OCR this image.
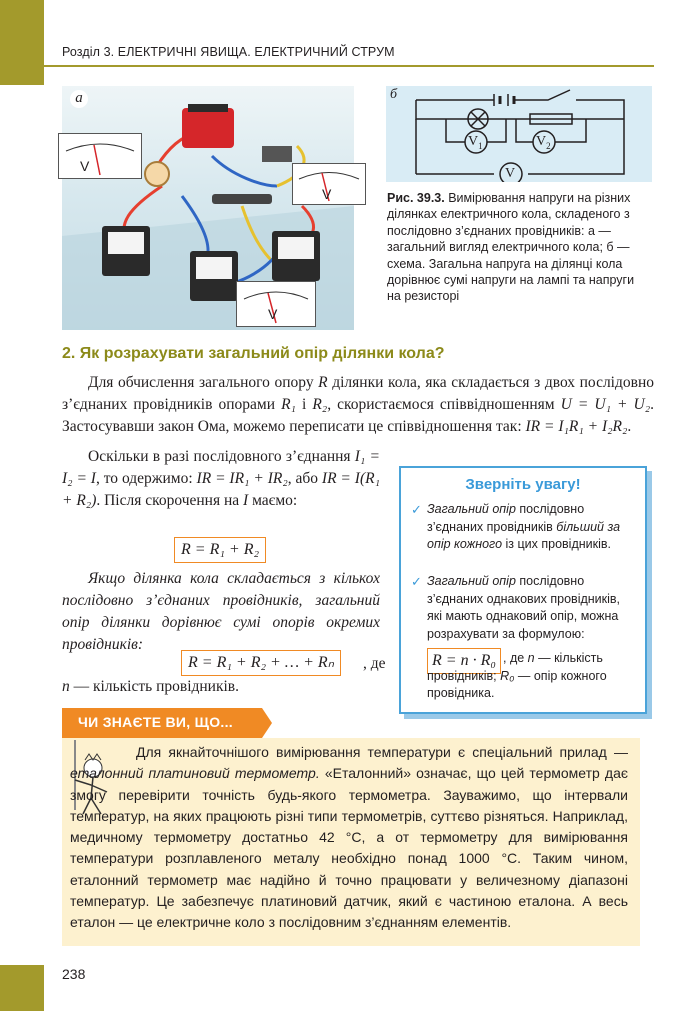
Розділ 3. ЕЛЕКТРИЧНІ ЯВИЩА. ЕЛЕКТРИЧНИЙ СТРУМ
а
V
V
V
б
$V_1$	$V_2$
V
Рис. 39.3. Вимірювання напруги на різних ділянках електричного кола, складеного з послідовно з’єднаних провідників: а — загальний вигляд електричного кола; б — схема. Загальна напруга на ділянці кола дорівнює сумі напруги на лампі та напруги на резисторі
2. Як розрахувати загальний опір ділянки кола?
Для обчислення загального опору R ділянки кола, яка складається з двох послідовно з’єднаних провідників опорами R₁ і R₂, скористаємося співвідношенням U = U₁ + U₂. Застосувавши закон Ома, можемо переписати це співвідношення так: IR = I₁R₁ + I₂R₂.
Оскільки в разі послідовного з’єднання I₁ = I₂ = I, то одержимо: IR = IR₁ + IR₂, або IR = I(R₁ + R₂). Після скорочення на I маємо:
R = R₁ + R₂
Якщо ділянка кола складається з кількох послідовно з’єднаних провідників, загальний опір ділянки дорівнює сумі опорів окремих провідників:
R = R₁ + R₂ + … + Rₙ	, де
n — кількість провідників.
Зверніть увагу!
✓ Загальний опір послідовно з’єднаних провідників більший за опір кожного із цих провідників.
✓ Загальний опір послідовно з’єднаних однакових провідників, які мають однаковий опір, можна розрахувати за формулою:
R = n · R₀ , де n — кількість провідників; R₀ — опір кожного провідника.
ЧИ ЗНАЄТЕ ВИ, ЩО...
Для якнайточнішого вимірювання температури є спеціальний прилад — еталонний платиновий термометр. «Еталонний» означає, що цей термометр дає змогу перевірити точність будь-якого термометра. Зауважимо, що інтервали температур, на яких працюють різні типи термометрів, суттєво різняться. Наприклад, медичному термометру достатньо 42 °С, а от термометру для вимірювання температури розплавленого металу необхідно понад 1000 °С. Таким чином, еталонний термометр має надійно й точно працювати у величезному діапазоні температур. Це забезпечує платиновий датчик, який є частиною еталона. А весь еталон — це електричне коло з послідовним з’єднанням елементів.
238
